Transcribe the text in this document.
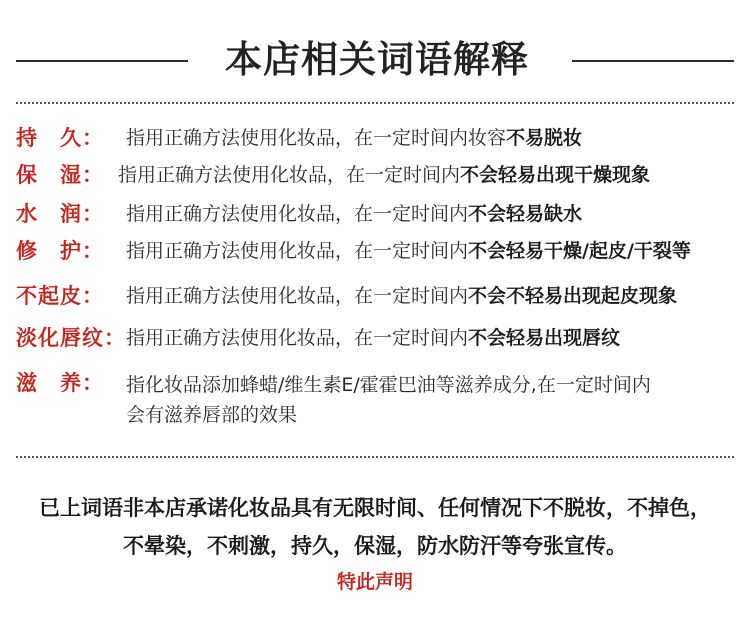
本店相关词语解释
持　久： 指用正确方法使用化妆品，在一定时间内妆容不易脱妆
保　湿： 指用正确方法使用化妆品，在一定时间内不会轻易出现干燥现象
水　润： 指用正确方法使用化妆品，在一定时间内不会轻易缺水
修　护： 指用正确方法使用化妆品，在一定时间内不会轻易干燥/起皮/干裂等
不起皮： 指用正确方法使用化妆品，在一定时间内不会不轻易出现起皮现象
淡化唇纹： 指用正确方法使用化妆品，在一定时间内不会轻易出现唇纹
滋　养： 指化妆品添加蜂蜡/维生素E/霍霍巴油等滋养成分,在一定时间内
会有滋养唇部的效果
已上词语非本店承诺化妆品具有无限时间、任何情况下不脱妆，不掉色，
不晕染，不刺激，持久，保湿，防水防汗等夸张宣传。
特此声明
